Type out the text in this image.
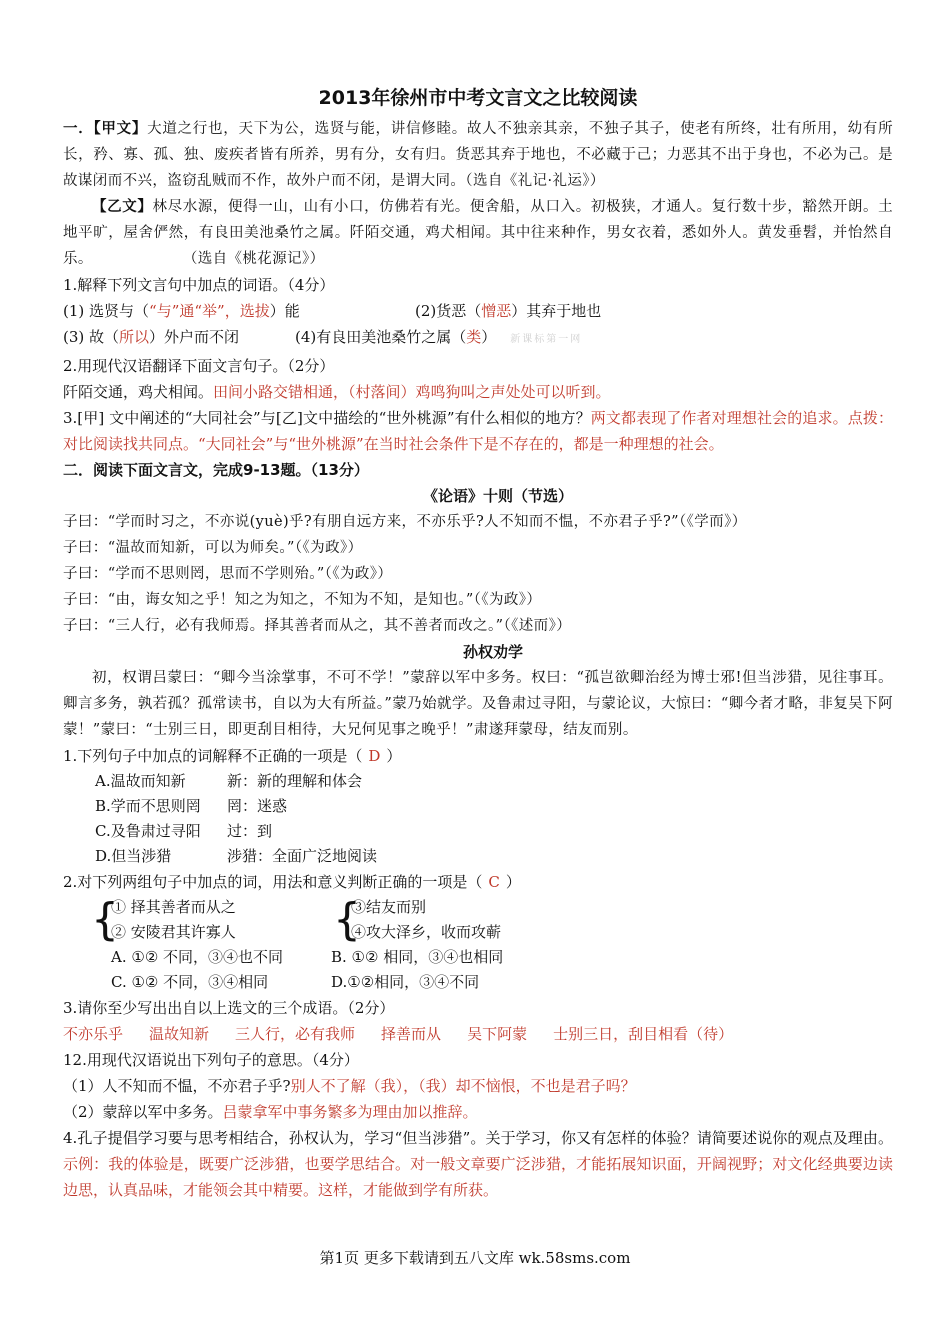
2013年徐州市中考文言文之比较阅读

一．【甲文】大道之行也，天下为公，选贤与能，讲信修睦。故人不独亲其亲，不独子其子，使老有所终，壮有所用，幼有所长，矜、寡、孤、独、废疾者皆有所养，男有分，女有归。货恶其弃于地也，不必藏于己；力恶其不出于身也，不必为己。是故谋闭而不兴，盗窃乱贼而不作，故外户而不闭，是谓大同。（选自《礼记·礼运》）

【乙文】林尽水源，便得一山，山有小口，仿佛若有光。便舍船，从口入。初极狭，才通人。复行数十步，豁然开朗。土地平旷，屋舍俨然，有良田美池桑竹之属。阡陌交通，鸡犬相闻。其中往来种作，男女衣着，悉如外人。黄发垂髫，并怡然自乐。	（选自《桃花源记》）

1.解释下列文言句中加点的词语。（4分）

(1) 选贤与（“与”通“举”，选拔）能	(2)货恶（憎恶）其弃于地也
(3) 故（所以）外户而不闭	(4)有良田美池桑竹之属（类） 新课标第一网

2.用现代汉语翻译下面文言句子。（2分）

阡陌交通，鸡犬相闻。田间小路交错相通，（村落间）鸡鸣狗叫之声处处可以听到。

3.[甲] 文中阐述的“大同社会”与[乙]文中描绘的“世外桃源”有什么相似的地方？两文都表现了作者对理想社会的追求。点拨：对比阅读找共同点。“大同社会”与“世外桃源”在当时社会条件下是不存在的，都是一种理想的社会。

二．阅读下面文言文，完成9-13题。（13分）

《论语》十则（节选）

子曰：“学而时习之，不亦说(yuè)乎?有朋自远方来，不亦乐乎?人不知而不愠，不亦君子乎?”（《学而》）

子曰：“温故而知新，可以为师矣。”（《为政》）

子曰：“学而不思则罔，思而不学则殆。”（《为政》）

子曰：“由，诲女知之乎！知之为知之，不知为不知，是知也。”（《为政》）

子曰：“三人行，必有我师焉。择其善者而从之，其不善者而改之。”（《述而》）

孙权劝学

初，权谓吕蒙曰：“卿今当涂掌事，不可不学！”蒙辞以军中多务。权曰：“孤岂欲卿治经为博士邪!但当涉猎，见往事耳。 卿言多务，孰若孤？孤常读书，自以为大有所益。”蒙乃始就学。及鲁肃过寻阳，与蒙论议，大惊曰：“卿今者才略，非复吴下阿蒙！”蒙曰：“士别三日，即更刮目相待，大兄何见事之晚乎！”肃遂拜蒙母，结友而别。

1.下列句子中加点的词解释不正确的一项是（ D ）

A.温故而知新	新：新的理解和体会
B.学而不思则罔	罔：迷惑
C.及鲁肃过寻阳	过：到
D.但当涉猎	涉猎：全面广泛地阅读

2.对下列两组句子中加点的词，用法和意义判断正确的一项是（ C ）

{
① 择其善者而从之
② 安陵君其许寡人	{
③结友而别
④攻大泽乡，收而攻蕲
A. ①② 不同，③④也不同	B. ①② 相同，③④也相同
C. ①② 不同，③④相同	D.①②相同，③④不同

3.请你至少写出出自以上选文的三个成语。（2分）

不亦乐乎 温故知新 三人行，必有我师 择善而从 吴下阿蒙 士别三日，刮目相看（待）

12.用现代汉语说出下列句子的意思。（4分）

（1）人不知而不愠，不亦君子乎?别人不了解（我），（我）却不恼恨，不也是君子吗？

（2）蒙辞以军中多务。吕蒙拿军中事务繁多为理由加以推辞。

4.孔子提倡学习要与思考相结合，孙权认为，学习“但当涉猎”。关于学习，你又有怎样的体验？请简要述说你的观点及理由。示例：我的体验是，既要广泛涉猎，也要学思结合。对一般文章要广泛涉猎，才能拓展知识面，开阔视野；对文化经典要边读边思，认真品味，才能领会其中精要。这样，才能做到学有所获。

第1页 更多下载请到五八文库 wk.58sms.com
